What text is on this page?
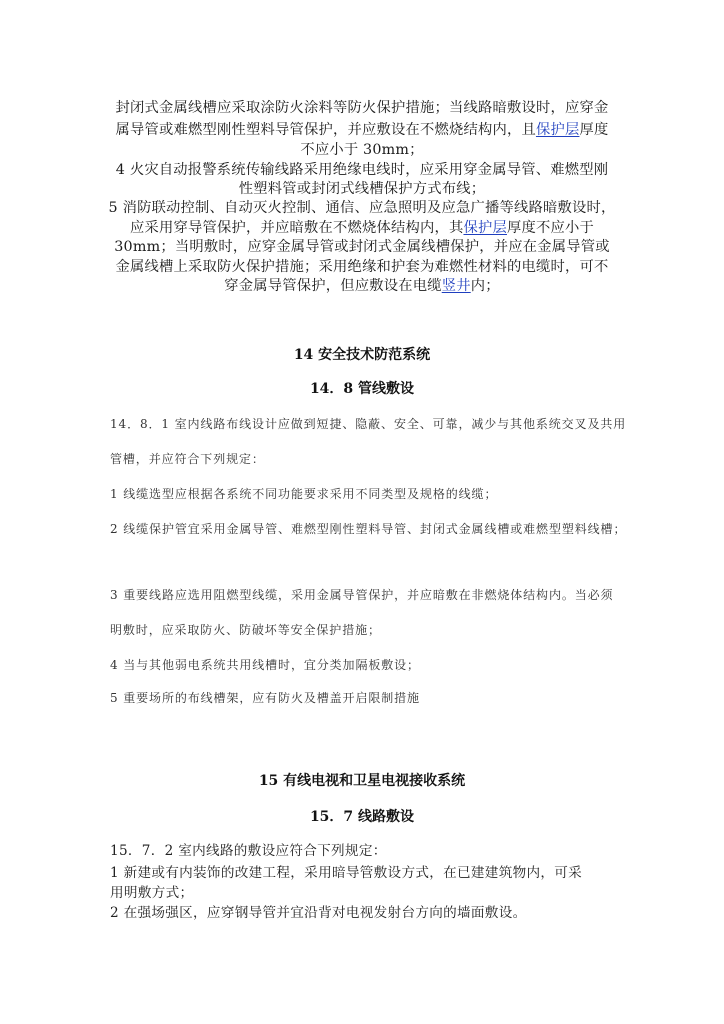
封闭式金属线槽应采取涂防火涂料等防火保护措施；当线路暗敷设时，应穿金
属导管或难燃型刚性塑料导管保护，并应敷设在不燃烧结构内，且保护层厚度
不应小于 30mm；
4 火灾自动报警系统传输线路采用绝缘电线时，应采用穿金属导管、难燃型刚
性塑料管或封闭式线槽保护方式布线；
5 消防联动控制、自动灭火控制、通信、应急照明及应急广播等线路暗敷设时，
应采用穿导管保护，并应暗敷在不燃烧体结构内，其保护层厚度不应小于
30mm；当明敷时，应穿金属导管或封闭式金属线槽保护，并应在金属导管或
金属线槽上采取防火保护措施；采用绝缘和护套为难燃性材料的电缆时，可不
穿金属导管保护，但应敷设在电缆竖井内；
14 安全技术防范系统
14．8 管线敷设
14．8．1 室内线路布线设计应做到短捷、隐蔽、安全、可靠，减少与其他系统交叉及共用
管槽，并应符合下列规定：
1 线缆选型应根据各系统不同功能要求采用不同类型及规格的线缆；
2 线缆保护管宜采用金属导管、难燃型刚性塑料导管、封闭式金属线槽或难燃型塑料线槽；
3 重要线路应选用阻燃型线缆，采用金属导管保护，并应暗敷在非燃烧体结构内。当必须
明敷时，应采取防火、防破坏等安全保护措施；
4 当与其他弱电系统共用线槽时，宜分类加隔板敷设；
5 重要场所的布线槽架，应有防火及槽盖开启限制措施
15 有线电视和卫星电视接收系统
15．7 线路敷设
15．7．2 室内线路的敷设应符合下列规定：
1 新建或有内装饰的改建工程，采用暗导管敷设方式，在已建建筑物内，可采
用明敷方式；
2 在强场强区，应穿钢导管并宜沿背对电视发射台方向的墙面敷设。
